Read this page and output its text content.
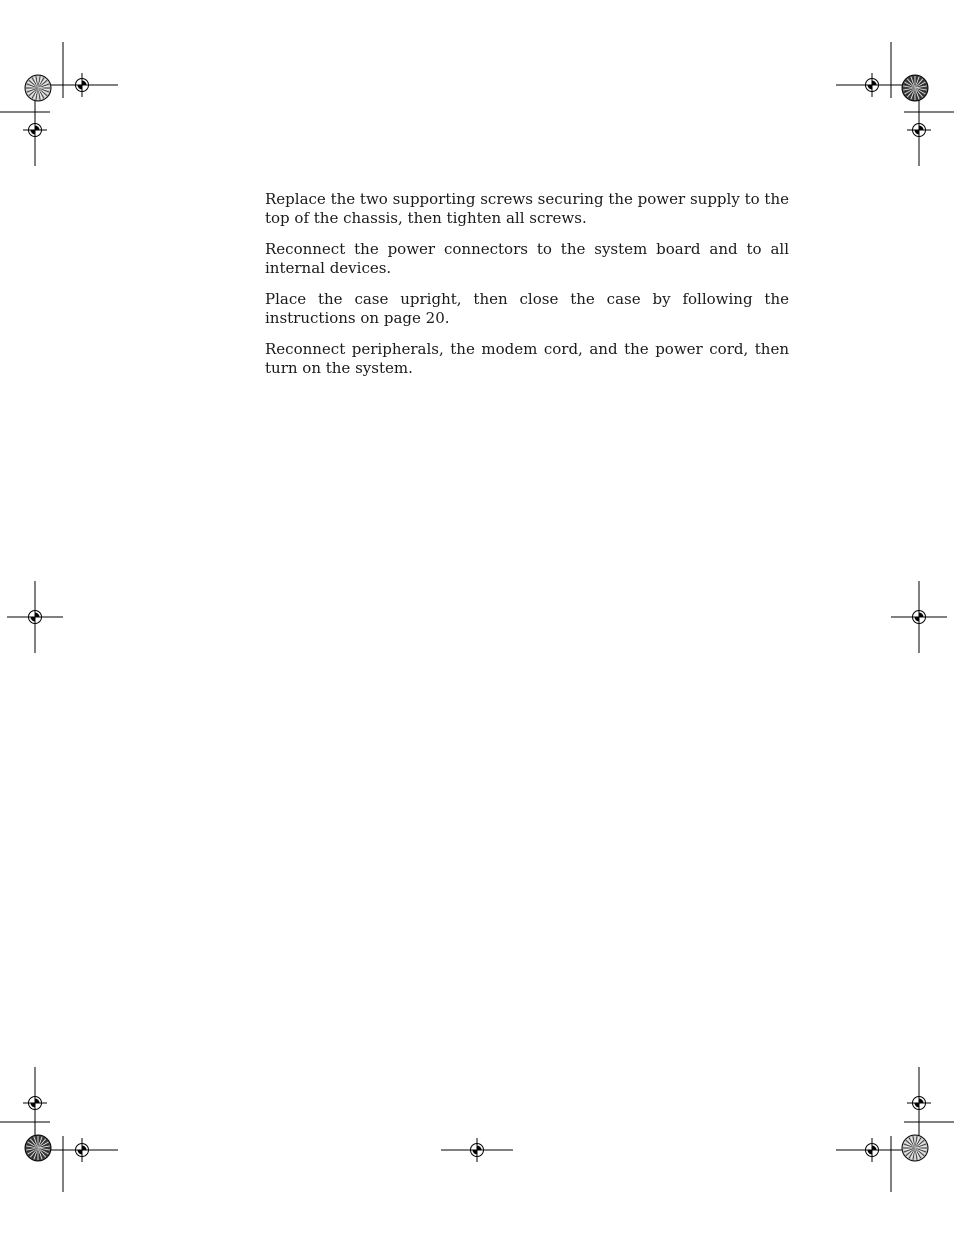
Replace the two supporting screws securing the power supply to the top of the chassis, then tighten all screws.

Reconnect the power connectors to the system board and to all internal devices.

Place the case upright, then close the case by following the instructions on page 20.

Reconnect peripherals, the modem cord, and the power cord, then turn on the system.
